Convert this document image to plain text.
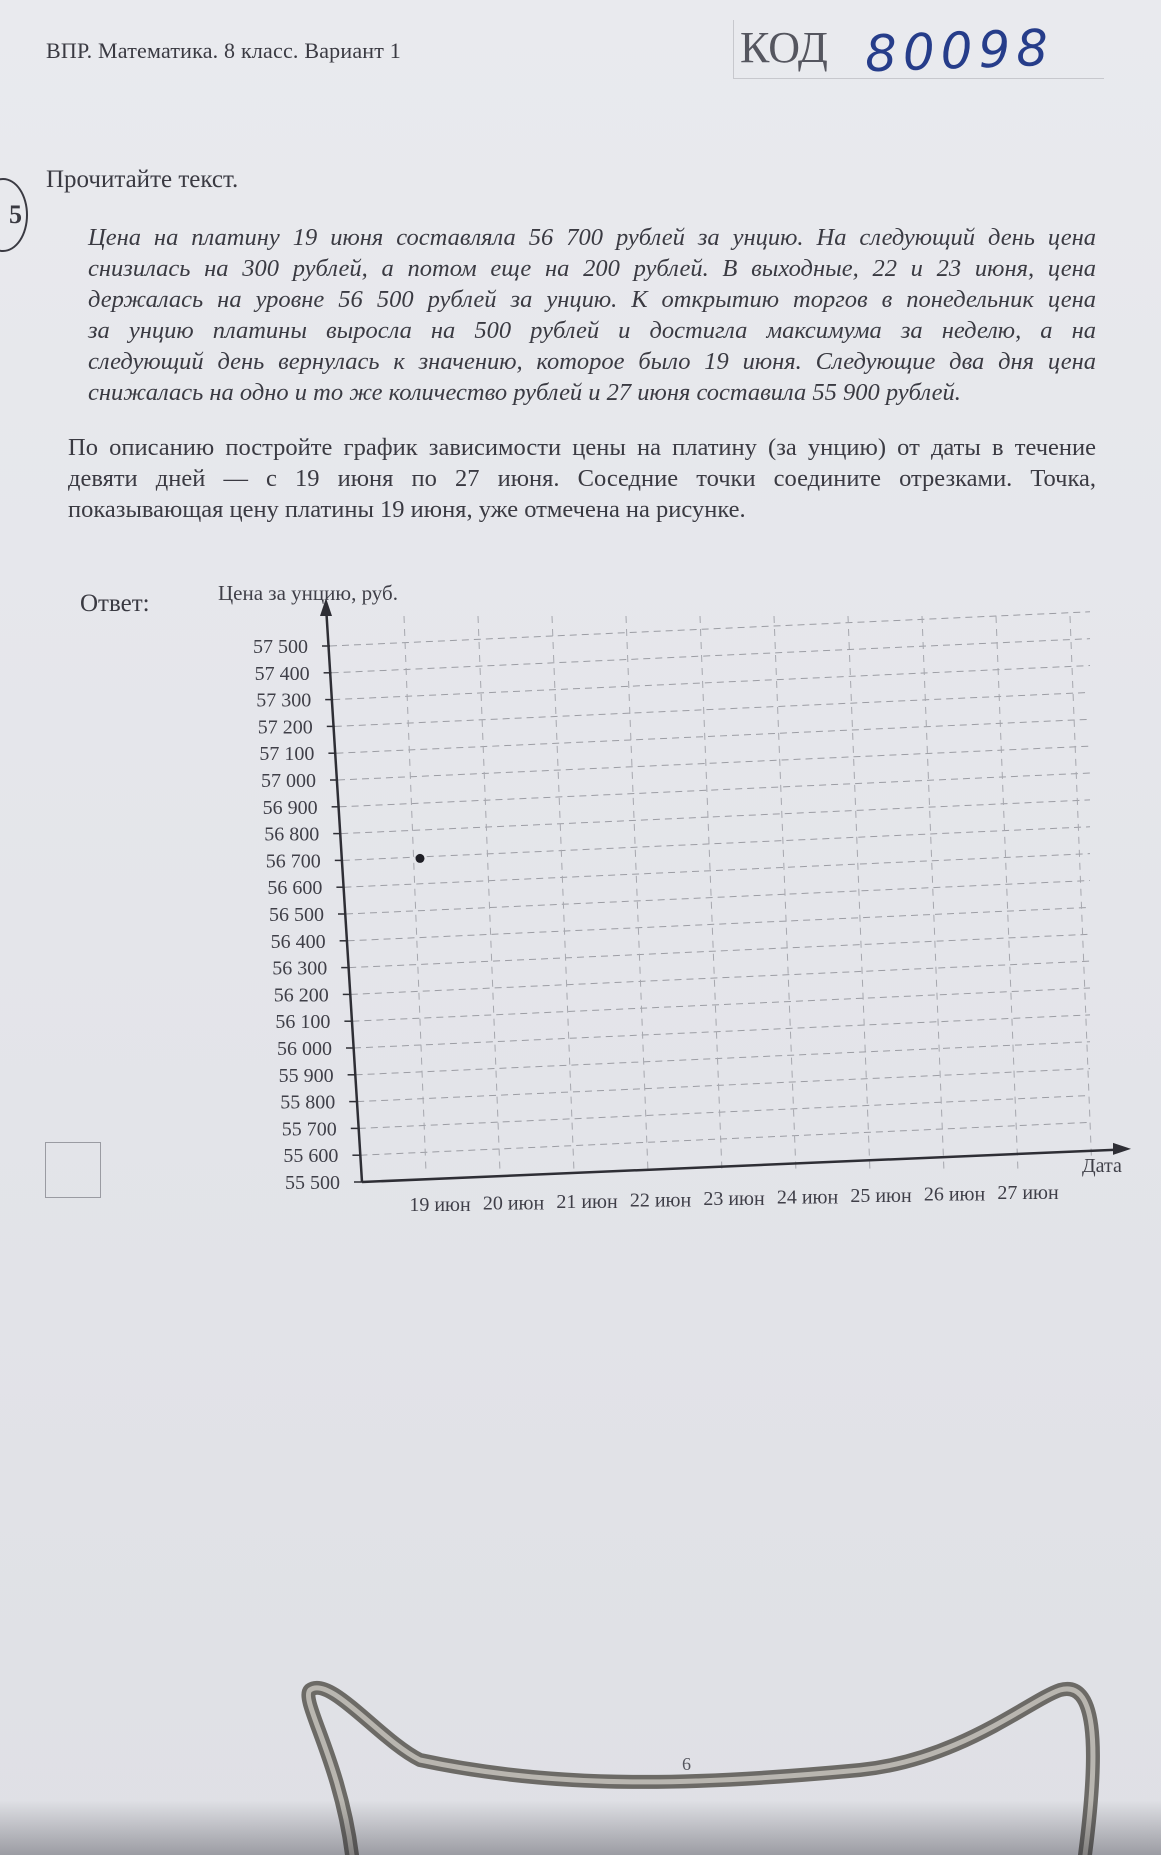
ВПР. Математика. 8 класс. Вариант 1	КОД 80098
5
Прочитайте текст.
Цена на платину 19 июня составляла 56 700 рублей за унцию. На следующий день цена
снизилась на 300 рублей, а потом еще на 200 рублей. В выходные, 22 и 23 июня, цена
держалась на уровне 56 500 рублей за унцию. К открытию торгов в понедельник цена
за унцию платины выросла на 500 рублей и достигла максимума за неделю, а на
следующий день вернулась к значению, которое было 19 июня. Следующие два дня цена
снижалась на одно и то же количество рублей и 27 июня составила 55 900 рублей.
По описанию постройте график зависимости цены на платину (за унцию) от даты в течение девяти дней — с 19 июня по 27 июня. Соседние точки соедините отрезками. Точка, показывающая цену платины 19 июня, уже отмечена на рисунке.
Ответ:
57 500
57 400
57 300
57 200
57 100
57 000
56 900
56 800
56 700
56 600
56 500
56 400
56 300
56 200
56 100
56 000
55 900
55 800
55 700
55 600
55 500
Цена за унцию, руб.
19 июн 20 июн 21 июн 22 июн 23 июн 24 июн 25 июн 26 июн 27 июн
Дата
6
